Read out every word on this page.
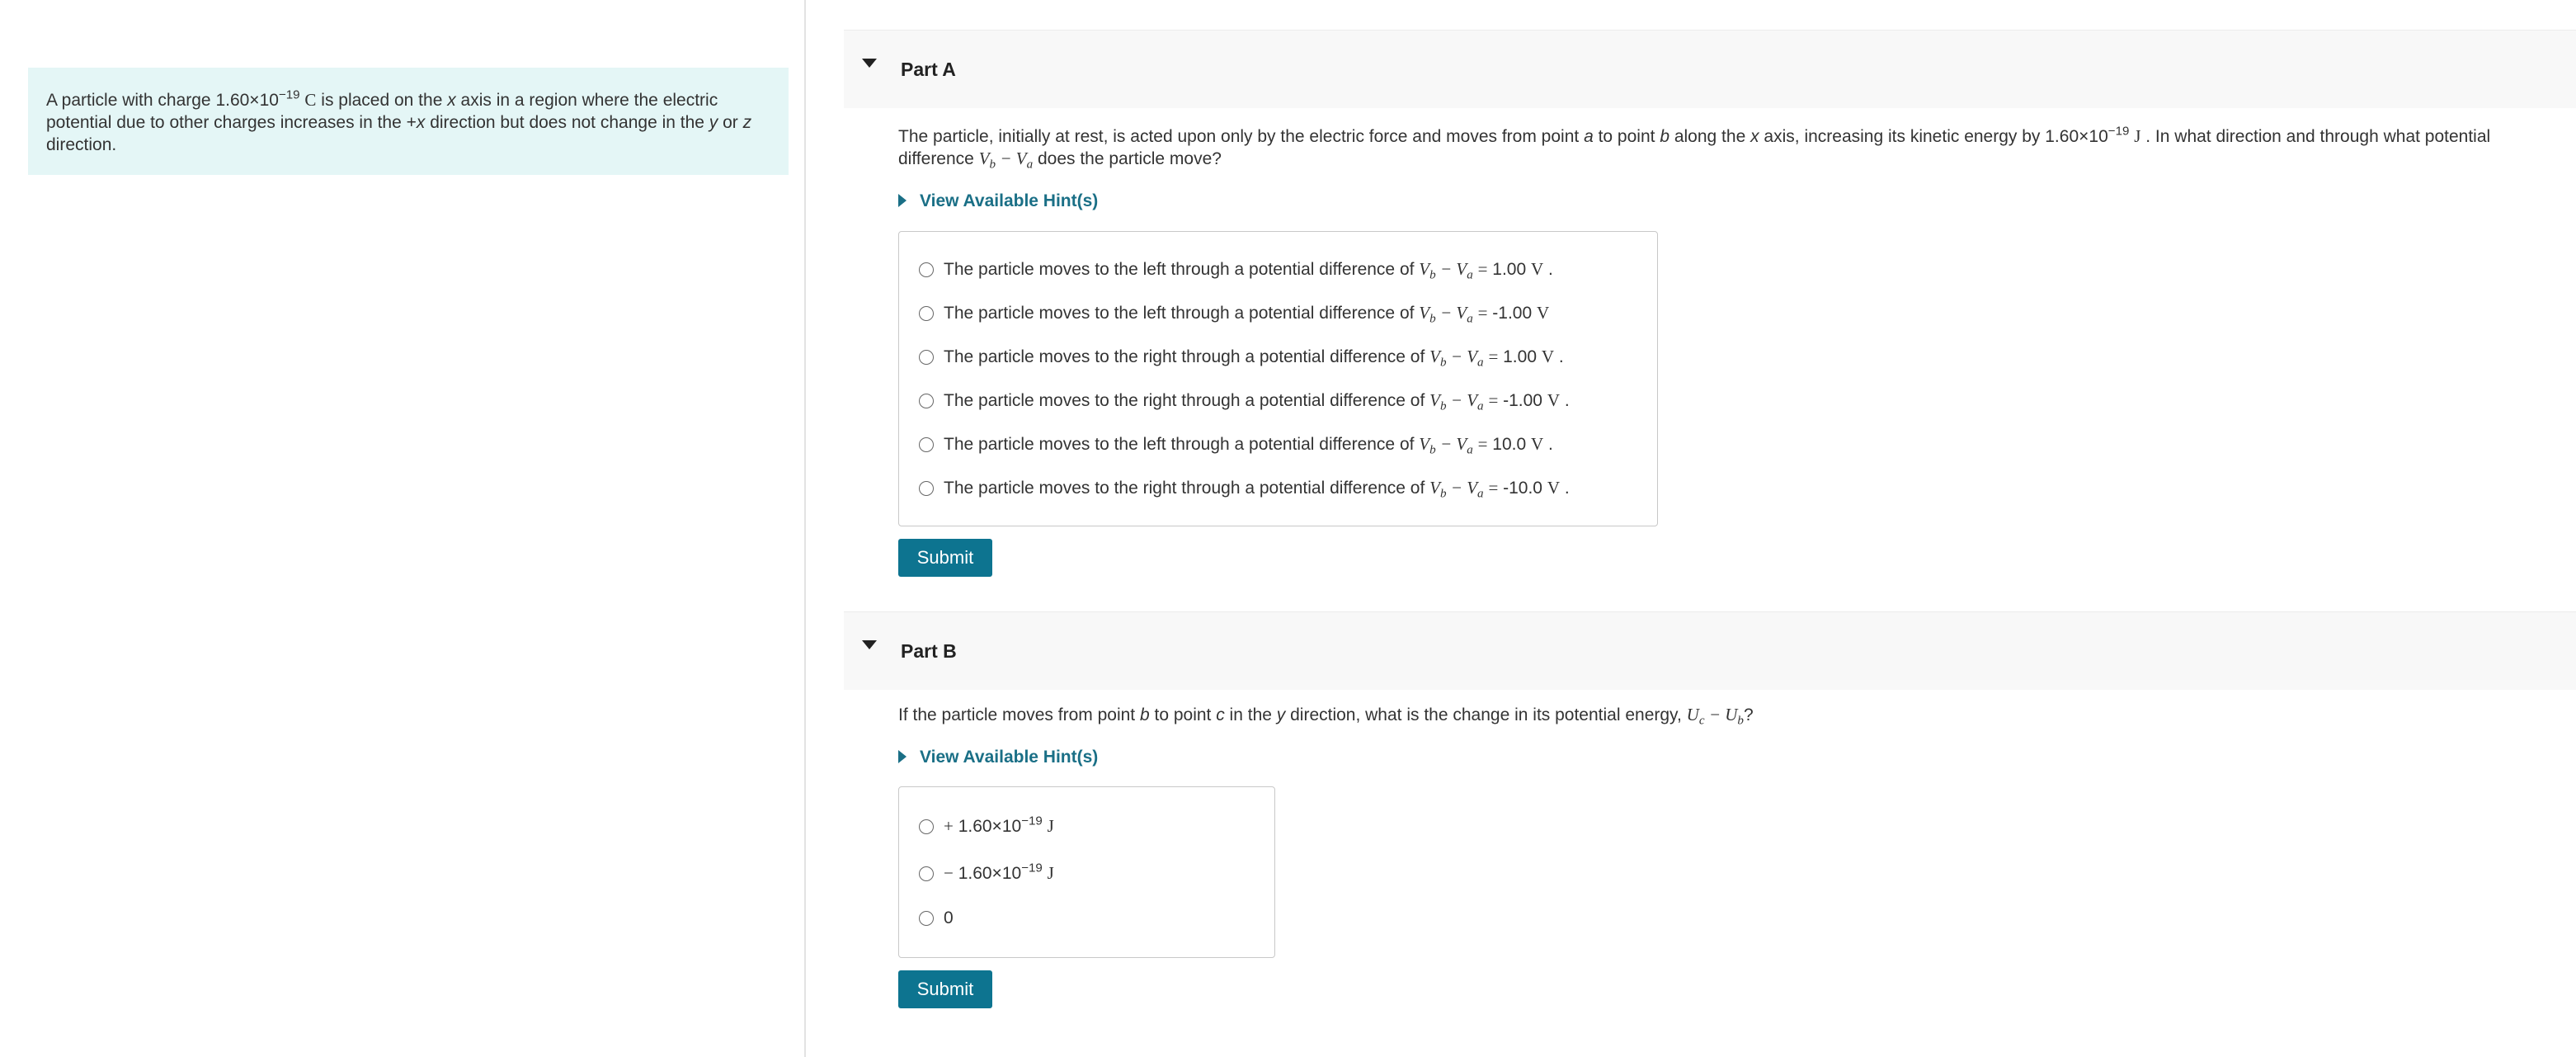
A particle with charge $1.60\times 10^{-19}$ C is placed on the x axis in a region where the electric potential due to other charges increases in the +x direction but does not change in the y or z direction.
Part A
The particle, initially at rest, is acted upon only by the electric force and moves from point a to point b along the x axis, increasing its kinetic energy by $1.60\times 10^{-19}$ J . In what direction and through what potential difference $V_b - V_a$ does the particle move?
View Available Hint(s)
The particle moves to the left through a potential difference of $V_b - V_a = 1.00$ V .
The particle moves to the left through a potential difference of $V_b - V_a = -1.00$ V
The particle moves to the right through a potential difference of $V_b - V_a = 1.00$ V .
The particle moves to the right through a potential difference of $V_b - V_a = -1.00$ V .
The particle moves to the left through a potential difference of $V_b - V_a = 10.0$ V .
The particle moves to the right through a potential difference of $V_b - V_a = -10.0$ V .
Submit
Part B
If the particle moves from point b to point c in the y direction, what is the change in its potential energy, $U_c - U_b$?
View Available Hint(s)
+ $1.60\times 10^{-19}$ J
− $1.60\times 10^{-19}$ J
0
Submit
